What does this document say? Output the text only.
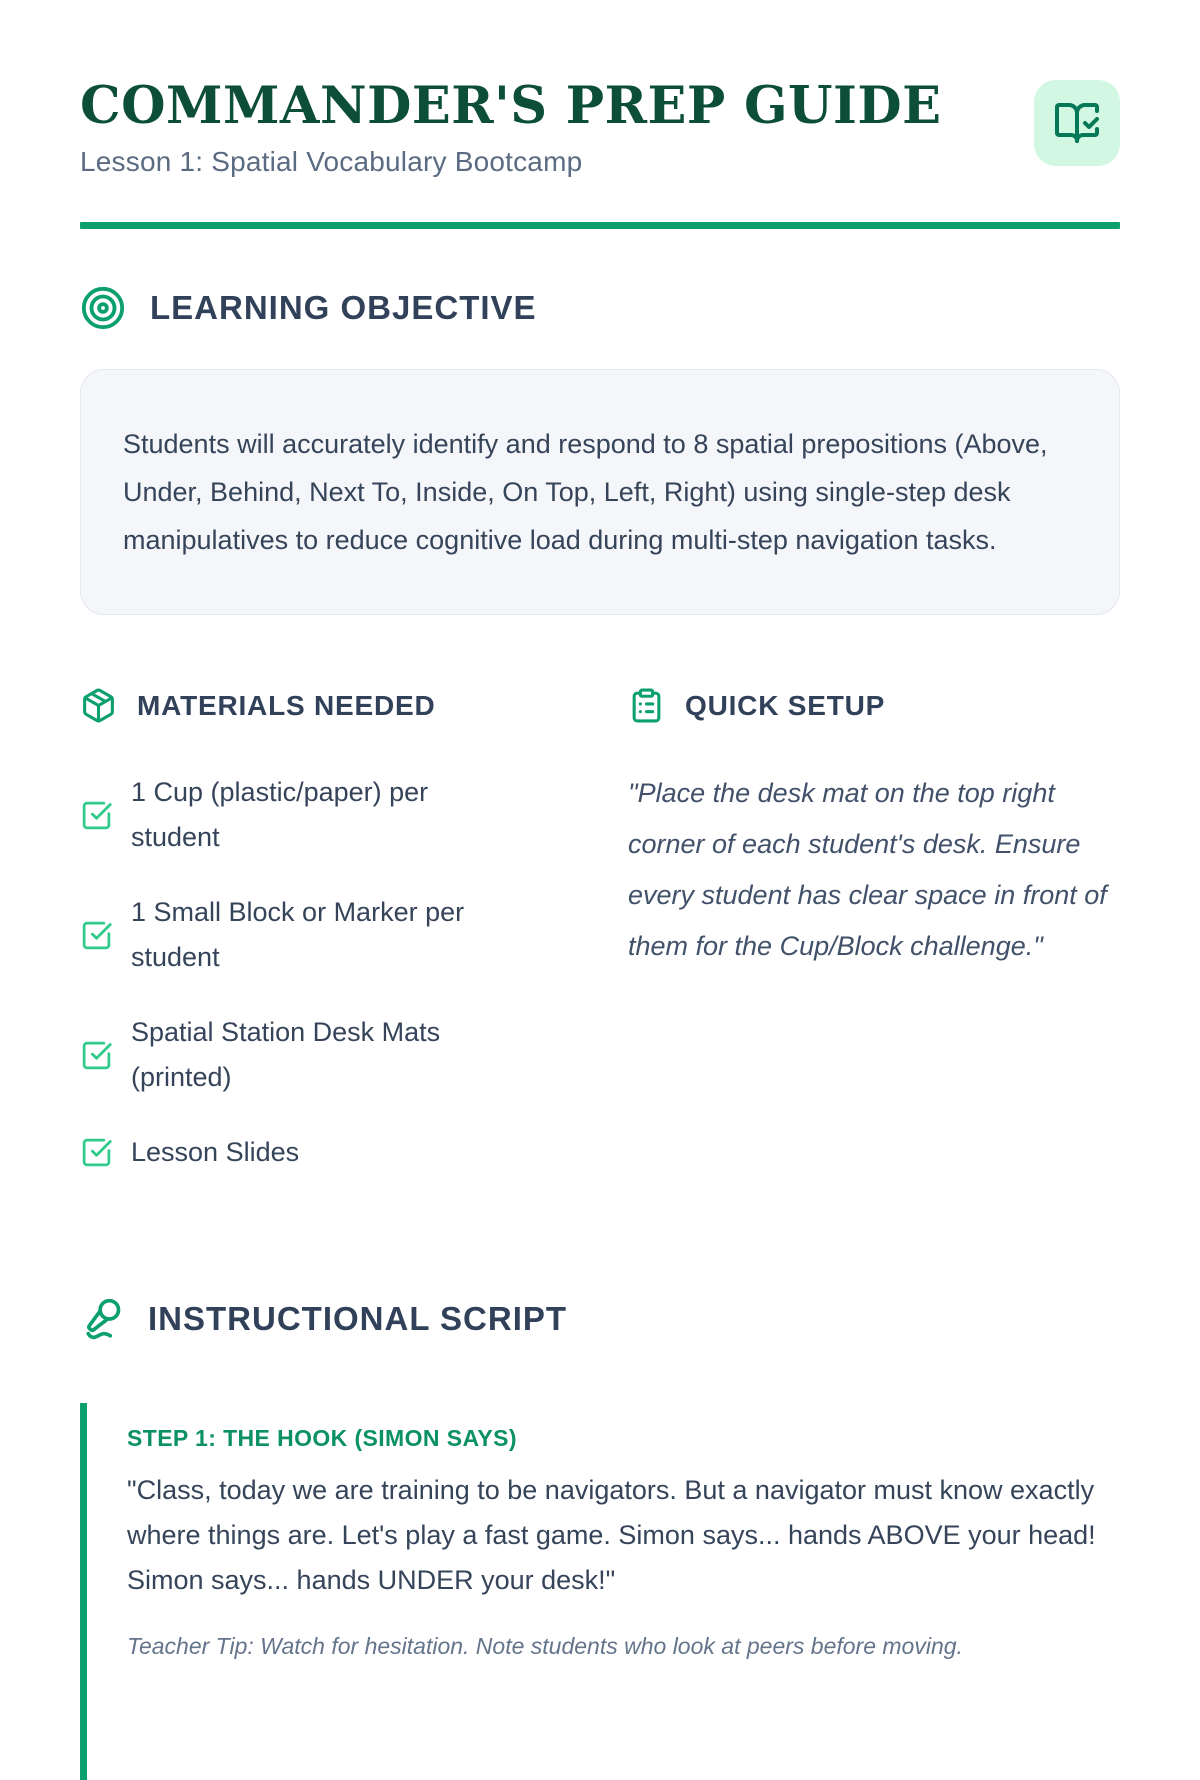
COMMANDER'S PREP GUIDE
Lesson 1: Spatial Vocabulary Bootcamp
LEARNING OBJECTIVE

Students will accurately identify and respond to 8 spatial prepositions (Above, Under, Behind, Next To, Inside, On Top, Left, Right) using single-step desk manipulatives to reduce cognitive load during multi-step navigation tasks.

MATERIALS NEEDED
1 Cup (plastic/paper) per student
1 Small Block or Marker per student
Spatial Station Desk Mats (printed)
Lesson Slides
QUICK SETUP

"Place the desk mat on the top right corner of each student's desk. Ensure every student has clear space in front of them for the Cup/Block challenge."

INSTRUCTIONAL SCRIPT
STEP 1: THE HOOK (SIMON SAYS)

"Class, today we are training to be navigators. But a navigator must know exactly where things are. Let's play a fast game. Simon says... hands ABOVE your head! Simon says... hands UNDER your desk!"

Teacher Tip: Watch for hesitation. Note students who look at peers before moving.
